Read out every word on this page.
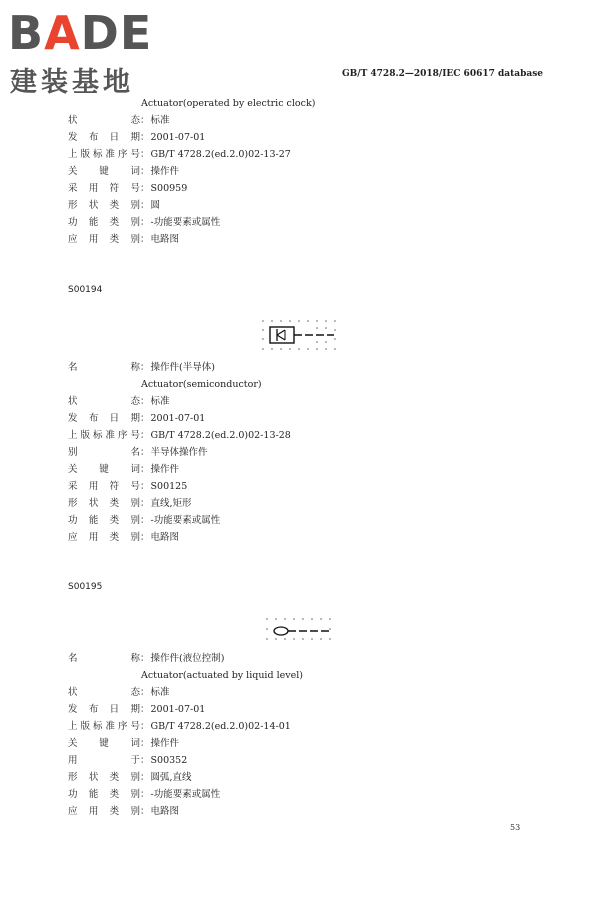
BADE
建装基地	GB/T 4728.2—2018/IEC 60617 database
Actuator(operated by electric clock)
状态：标准
发布日期：2001-07-01
上版标准序号：GB/T 4728.2(ed.2.0)02-13-27
关键词：操作件
采用符号：S00959
形状类别：圆
功能类别：-功能要素或属性
应用类别：电路图
S00194
名称：操作件(半导体)
Actuator(semiconductor)
状态：标准
发布日期：2001-07-01
上版标准序号：GB/T 4728.2(ed.2.0)02-13-28
别名：半导体操作件
关键词：操作件
采用符号：S00125
形状类别：直线,矩形
功能类别：-功能要素或属性
应用类别：电路图
S00195
名称：操作件(液位控制)
Actuator(actuated by liquid level)
状态：标准
发布日期：2001-07-01
上版标准序号：GB/T 4728.2(ed.2.0)02-14-01
关键词：操作件
用于：S00352
形状类别：圆弧,直线
功能类别：-功能要素或属性
应用类别：电路图
53
